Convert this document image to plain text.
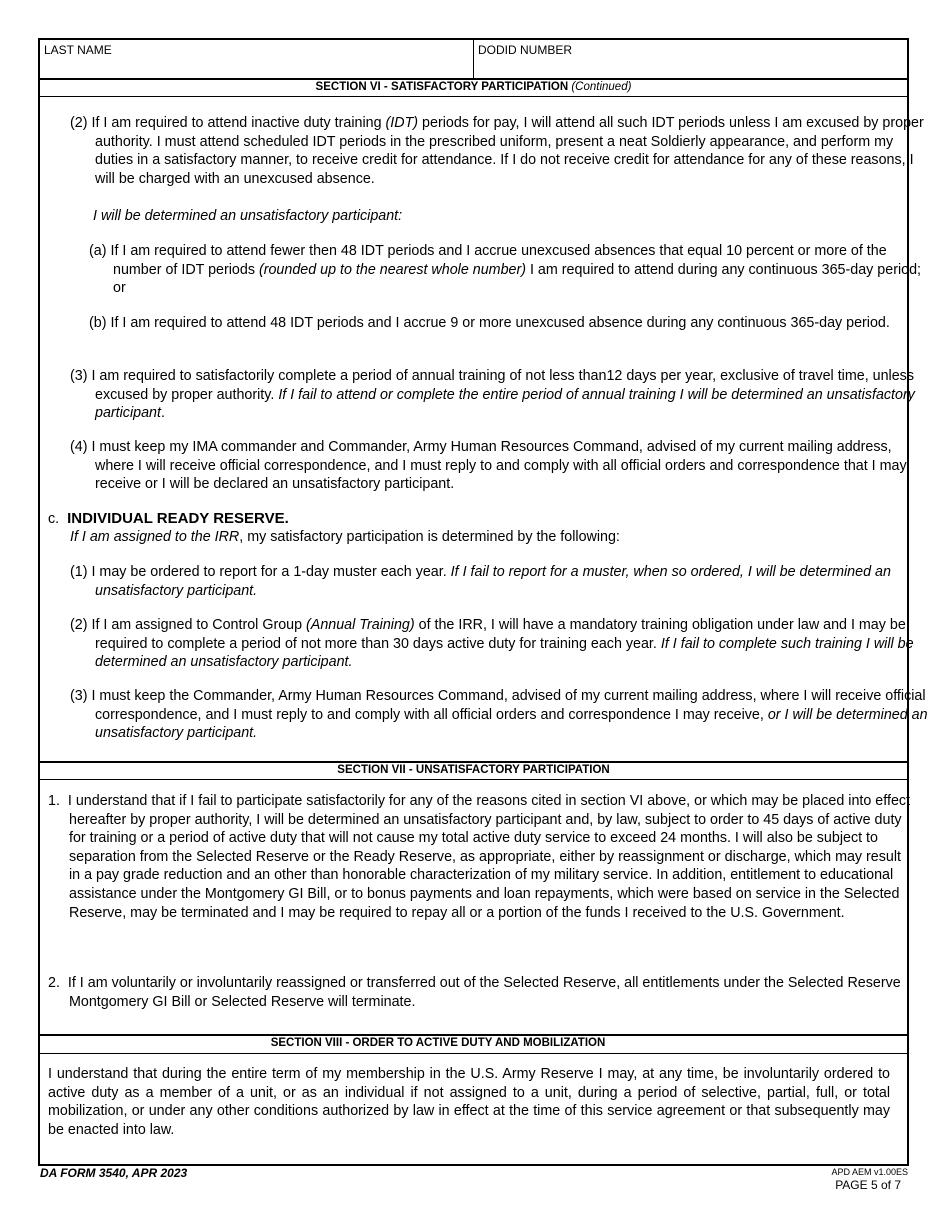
LAST NAME	DODID NUMBER
SECTION VI - SATISFACTORY PARTICIPATION (Continued)
(2) If I am required to attend inactive duty training (IDT) periods for pay, I will attend all such IDT periods unless I am excused by proper authority. I must attend scheduled IDT periods in the prescribed uniform, present a neat Soldierly appearance, and perform my duties in a satisfactory manner, to receive credit for attendance. If I do not receive credit for attendance for any of these reasons, I will be charged with an unexcused absence.
I will be determined an unsatisfactory participant:
(a) If I am required to attend fewer then 48 IDT periods and I accrue unexcused absences that equal 10 percent or more of the number of IDT periods (rounded up to the nearest whole number) I am required to attend during any continuous 365-day period; or
(b) If I am required to attend 48 IDT periods and I accrue 9 or more unexcused absence during any continuous 365-day period.
(3) I am required to satisfactorily complete a period of annual training of not less than12 days per year, exclusive of travel time, unless excused by proper authority. If I fail to attend or complete the entire period of annual training I will be determined an unsatisfactory participant.
(4) I must keep my IMA commander and Commander, Army Human Resources Command, advised of my current mailing address, where I will receive official correspondence, and I must reply to and comply with all official orders and correspondence that I may receive or I will be declared an unsatisfactory participant.
c. INDIVIDUAL READY RESERVE.
If I am assigned to the IRR, my satisfactory participation is determined by the following:
(1) I may be ordered to report for a 1-day muster each year. If I fail to report for a muster, when so ordered, I will be determined an unsatisfactory participant.
(2) If I am assigned to Control Group (Annual Training) of the IRR, I will have a mandatory training obligation under law and I may be required to complete a period of not more than 30 days active duty for training each year. If I fail to complete such training I will be determined an unsatisfactory participant.
(3) I must keep the Commander, Army Human Resources Command, advised of my current mailing address, where I will receive official correspondence, and I must reply to and comply with all official orders and correspondence I may receive, or I will be determined an unsatisfactory participant.
SECTION VII - UNSATISFACTORY PARTICIPATION
1. I understand that if I fail to participate satisfactorily for any of the reasons cited in section VI above, or which may be placed into effect hereafter by proper authority, I will be determined an unsatisfactory participant and, by law, subject to order to 45 days of active duty for training or a period of active duty that will not cause my total active duty service to exceed 24 months. I will also be subject to separation from the Selected Reserve or the Ready Reserve, as appropriate, either by reassignment or discharge, which may result in a pay grade reduction and an other than honorable characterization of my military service. In addition, entitlement to educational assistance under the Montgomery GI Bill, or to bonus payments and loan repayments, which were based on service in the Selected Reserve, may be terminated and I may be required to repay all or a portion of the funds I received to the U.S. Government.
2. If I am voluntarily or involuntarily reassigned or transferred out of the Selected Reserve, all entitlements under the Selected Reserve Montgomery GI Bill or Selected Reserve will terminate.
SECTION VIII - ORDER TO ACTIVE DUTY AND MOBILIZATION
I understand that during the entire term of my membership in the U.S. Army Reserve I may, at any time, be involuntarily ordered to active duty as a member of a unit, or as an individual if not assigned to a unit, during a period of selective, partial, full, or total mobilization, or under any other conditions authorized by law in effect at the time of this service agreement or that subsequently may be enacted into law.
DA FORM 3540, APR 2023	APD AEM v1.00ES
PAGE 5 of 7
